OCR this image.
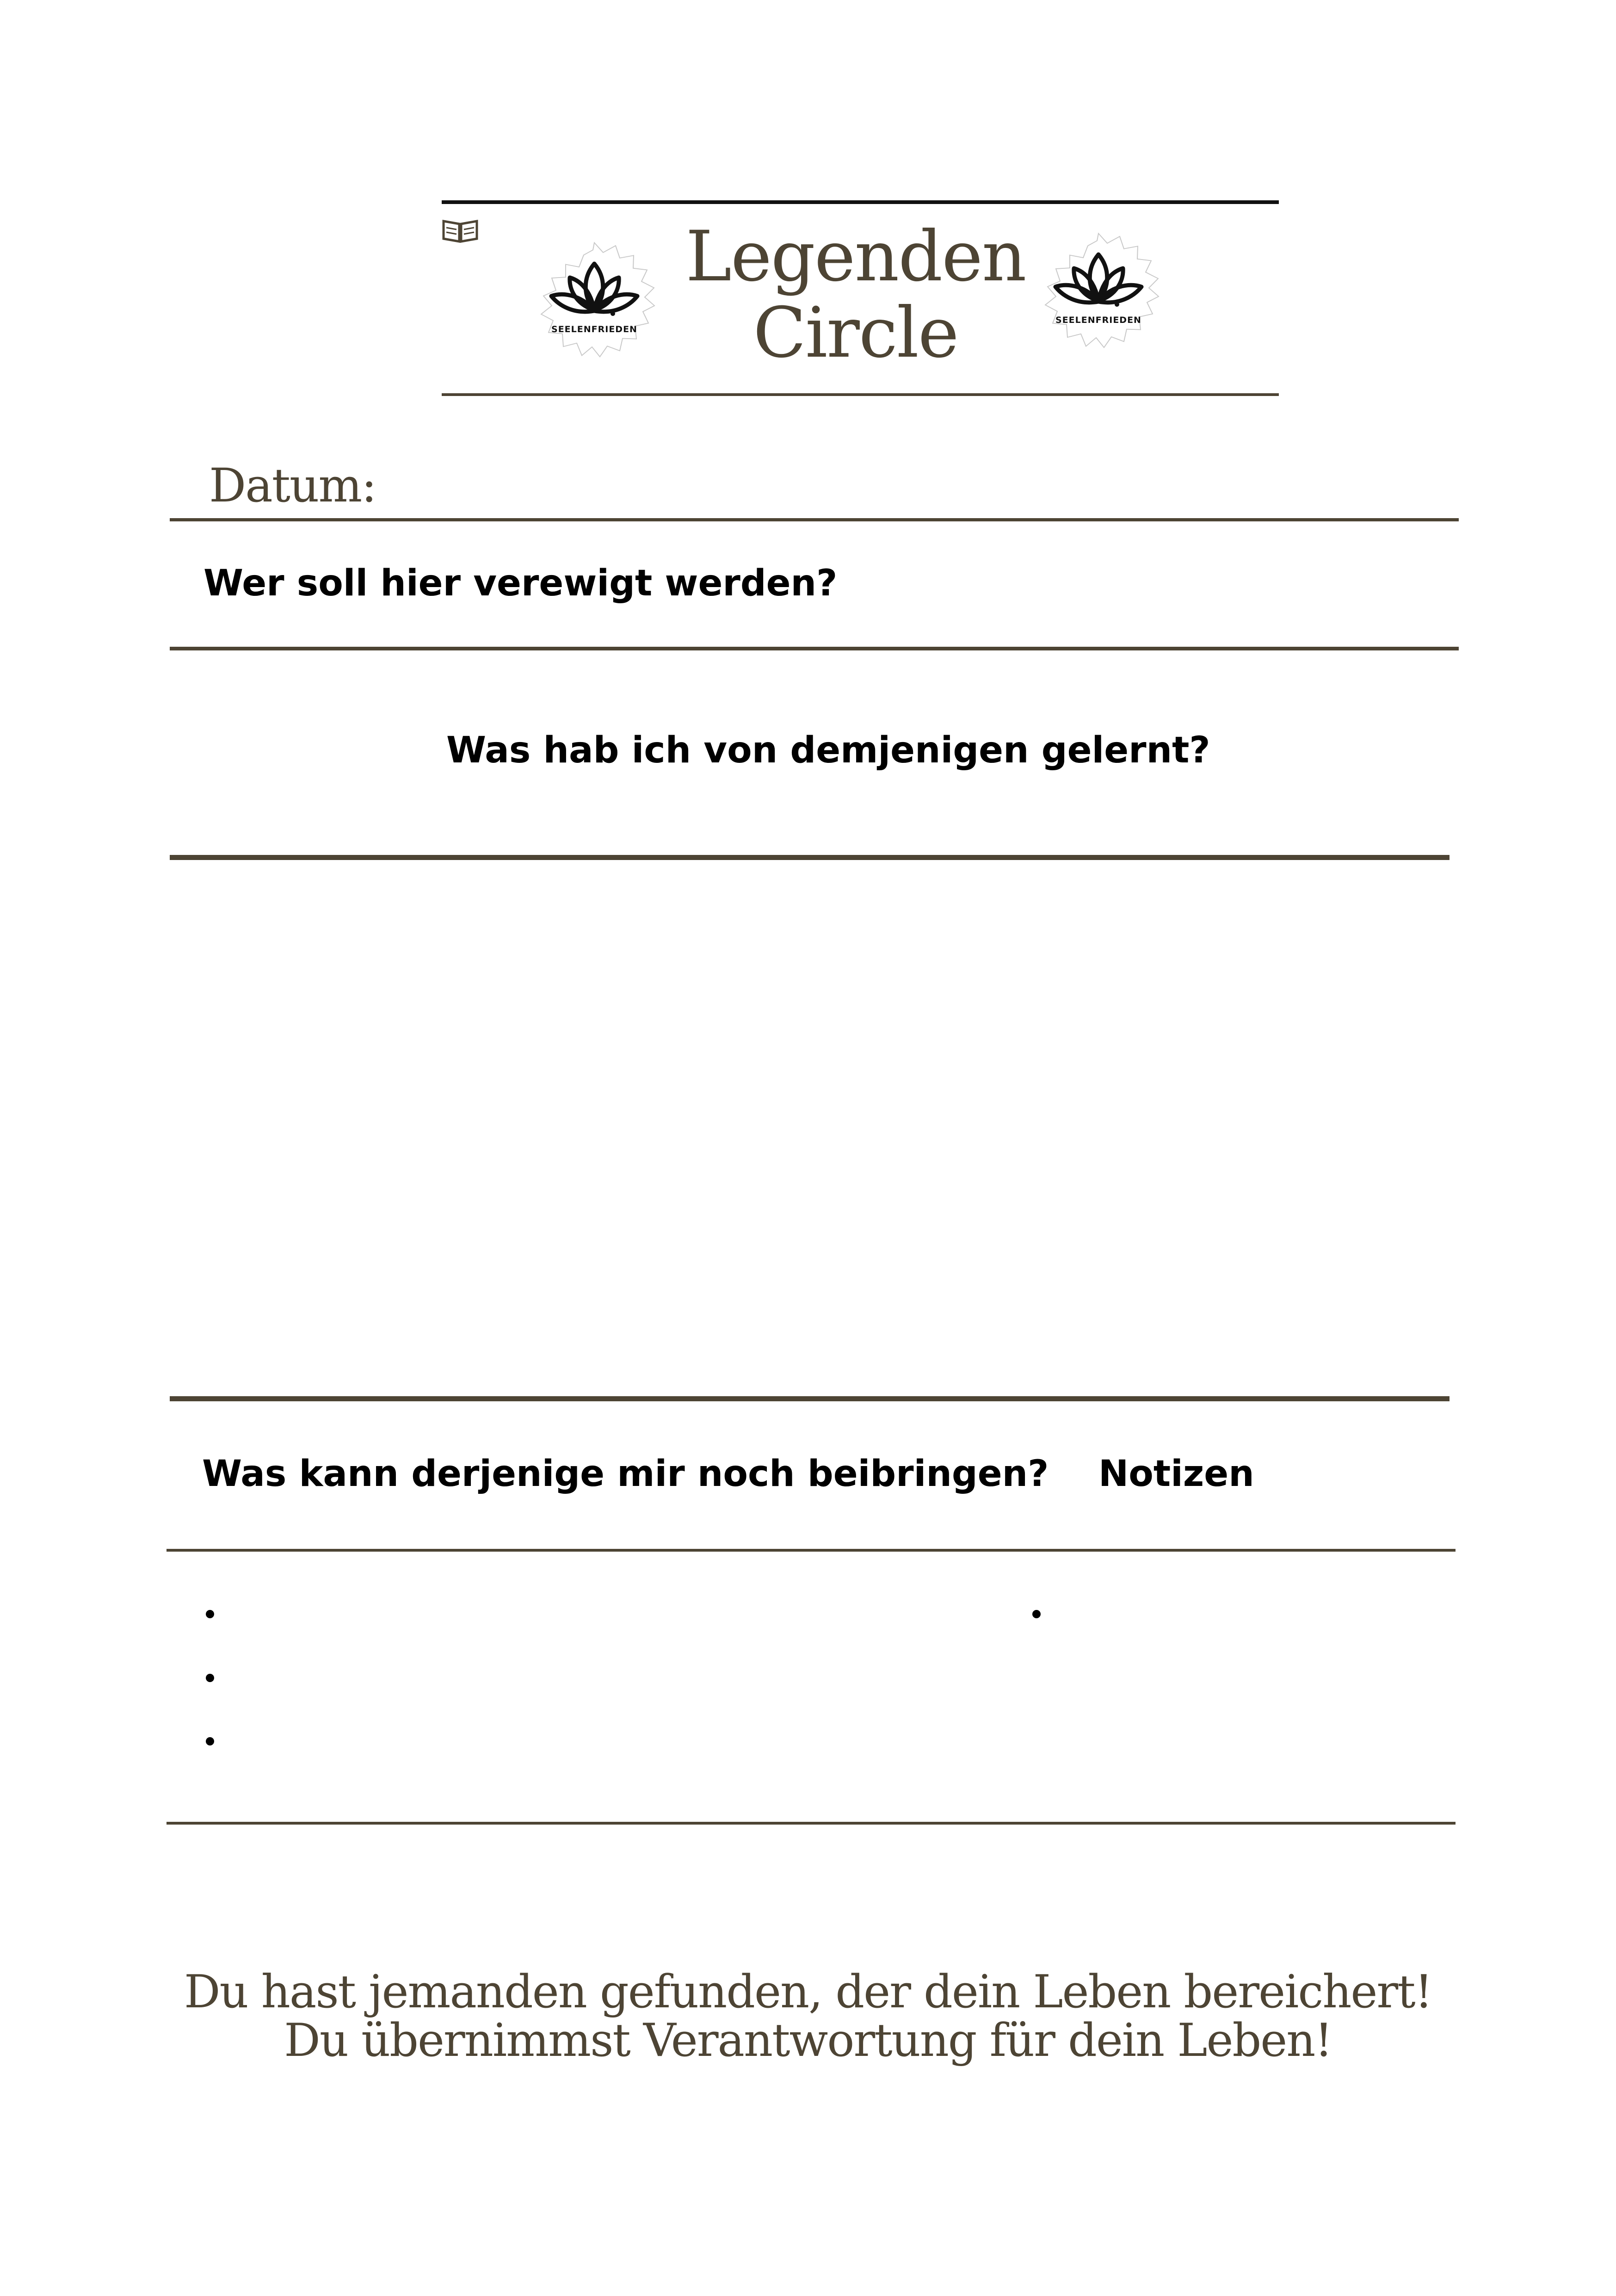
SEELENFRIEDEN
Legenden
Circle	SEELENFRIEDEN
Datum:
Wer soll hier verewigt werden?
Was hab ich von demjenigen gelernt?
Was kann derjenige mir noch beibringen? Notizen
Du hast jemanden gefunden, der dein Leben bereichert!
Du übernimmst Verantwortung für dein Leben!
